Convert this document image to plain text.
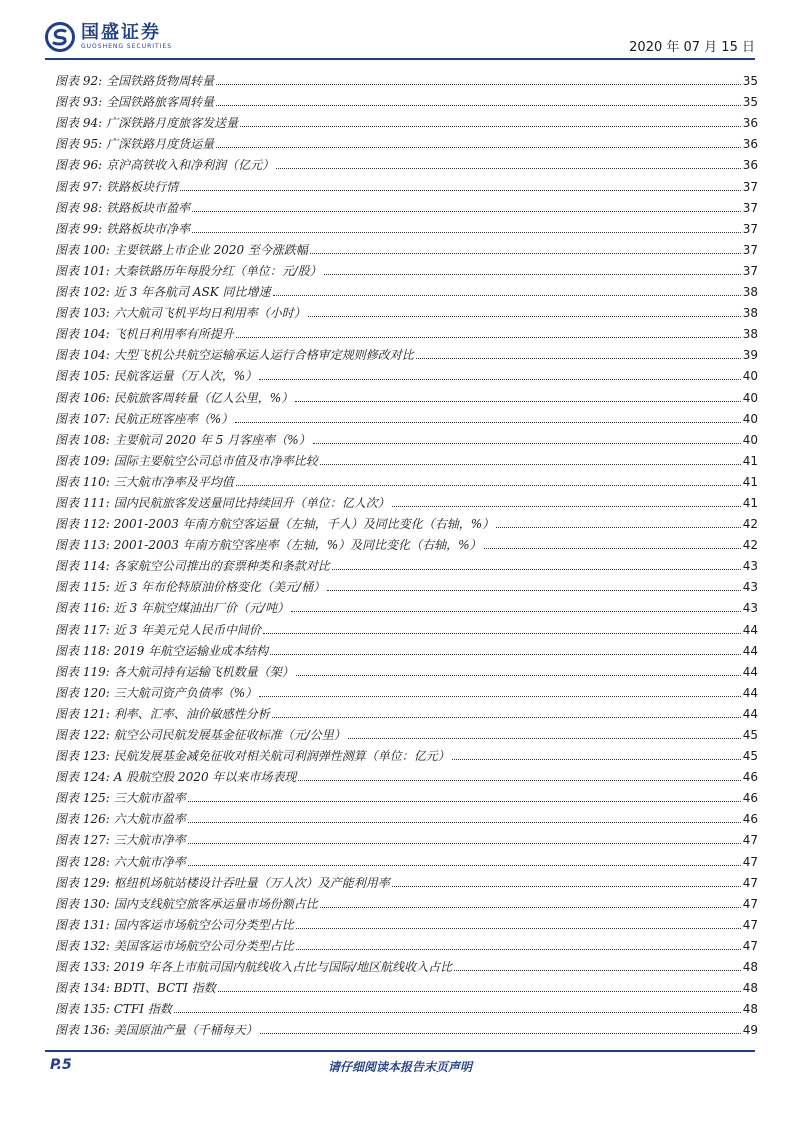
国盛证券
GUOSHENG SECURITIES	2020 年 07 月 15 日
图表 92: 全国铁路货物周转量	35
图表 93: 全国铁路旅客周转量	35
图表 94: 广深铁路月度旅客发送量	36
图表 95: 广深铁路月度货运量	36
图表 96: 京沪高铁收入和净利润（亿元）	36
图表 97: 铁路板块行情	37
图表 98: 铁路板块市盈率	37
图表 99: 铁路板块市净率	37
图表 100: 主要铁路上市企业 2020 至今涨跌幅	37
图表 101: 大秦铁路历年每股分红（单位：元/股）	37
图表 102: 近 3 年各航司 ASK 同比增速	38
图表 103: 六大航司飞机平均日利用率（小时）	38
图表 104: 飞机日利用率有所提升	38
图表 104: 大型飞机公共航空运输承运人运行合格审定规则修改对比	39
图表 105: 民航客运量（万人次，%）	40
图表 106: 民航旅客周转量（亿人公里，%）	40
图表 107: 民航正班客座率（%）	40
图表 108: 主要航司 2020 年 5 月客座率（%）	40
图表 109: 国际主要航空公司总市值及市净率比较	41
图表 110: 三大航市净率及平均值	41
图表 111: 国内民航旅客发送量同比持续回升（单位：亿人次）	41
图表 112: 2001-2003 年南方航空客运量（左轴，千人）及同比变化（右轴，%）	42
图表 113: 2001-2003 年南方航空客座率（左轴，%）及同比变化（右轴，%）	42
图表 114: 各家航空公司推出的套票种类和条款对比	43
图表 115: 近 3 年布伦特原油价格变化（美元/桶）	43
图表 116: 近 3 年航空煤油出厂价（元/吨）	43
图表 117: 近 3 年美元兑人民币中间价	44
图表 118: 2019 年航空运输业成本结构	44
图表 119: 各大航司持有运输飞机数量（架）	44
图表 120: 三大航司资产负债率（%）	44
图表 121: 利率、汇率、油价敏感性分析	44
图表 122: 航空公司民航发展基金征收标准（元/公里）	45
图表 123: 民航发展基金减免征收对相关航司利润弹性测算（单位：亿元）	45
图表 124: A 股航空股 2020 年以来市场表现	46
图表 125: 三大航市盈率	46
图表 126: 六大航市盈率	46
图表 127: 三大航市净率	47
图表 128: 六大航市净率	47
图表 129: 枢纽机场航站楼设计吞吐量（万人次）及产能利用率	47
图表 130: 国内支线航空旅客承运量市场份额占比	47
图表 131: 国内客运市场航空公司分类型占比	47
图表 132: 美国客运市场航空公司分类型占比	47
图表 133: 2019 年各上市航司国内航线收入占比与国际/地区航线收入占比	48
图表 134: BDTI、BCTI 指数	48
图表 135: CTFI 指数	48
图表 136: 美国原油产量（千桶每天）	49
P.5	请仔细阅读本报告末页声明
